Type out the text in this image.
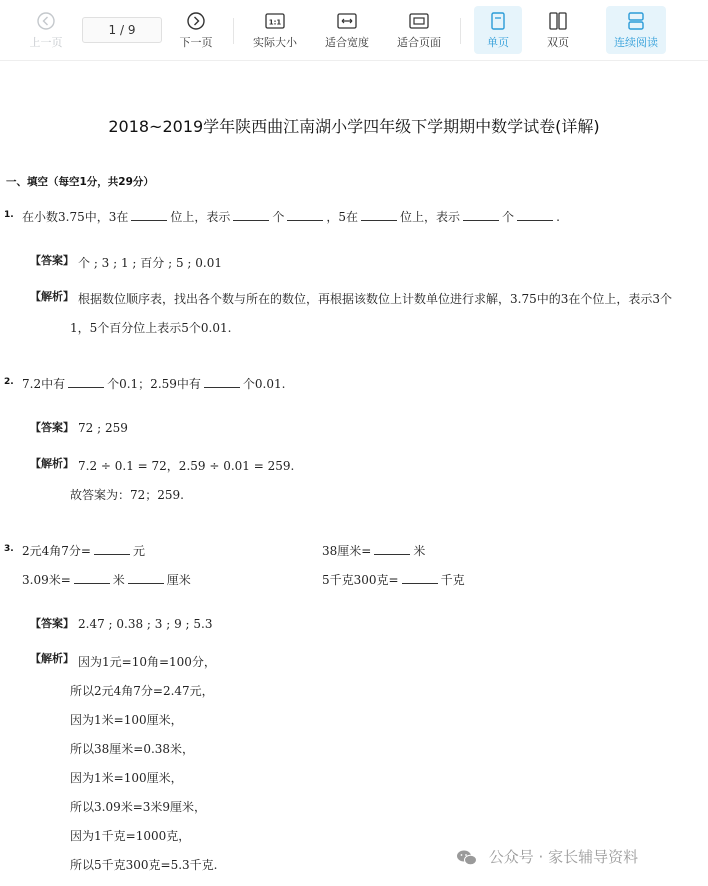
上一页
1 / 9
下一页
1:1
实际大小	适合宽度	适合页面	单页	双页	连续阅读
2018~2019学年陕西曲江南湖小学四年级下学期期中数学试卷(详解)
一、填空（每空1分，共29分）
1. 在小数3.75中，3在	位上，表示	个	，5在	位上，表示	个	.
【答案】 个 ; 3 ; 1 ; 百分 ; 5 ; 0.01
【解析】 根据数位顺序表，找出各个数与所在的数位，再根据该数位上计数单位进行求解，3.75中的3在个位上，表示3个
1，5个百分位上表示5个0.01.
2. 7.2中有	个0.1；2.59中有	个0.01.
【答案】 72 ; 259
【解析】 7.2 ÷ 0.1 = 72，2.59 ÷ 0.01 = 259.
故答案为：72；259.
3. 2元4角7分=	元	38厘米=	米
3.09米=	米	厘米	5千克300克=	千克
【答案】 2.47 ; 0.38 ; 3 ; 9 ; 5.3
【解析】 因为1元=10角=100分，
所以2元4角7分=2.47元，
因为1米=100厘米，
所以38厘米=0.38米，
因为1米=100厘米，
所以3.09米=3米9厘米，
因为1千克=1000克，
所以5千克300克=5.3千克.	公众号 · 家长辅导资料
